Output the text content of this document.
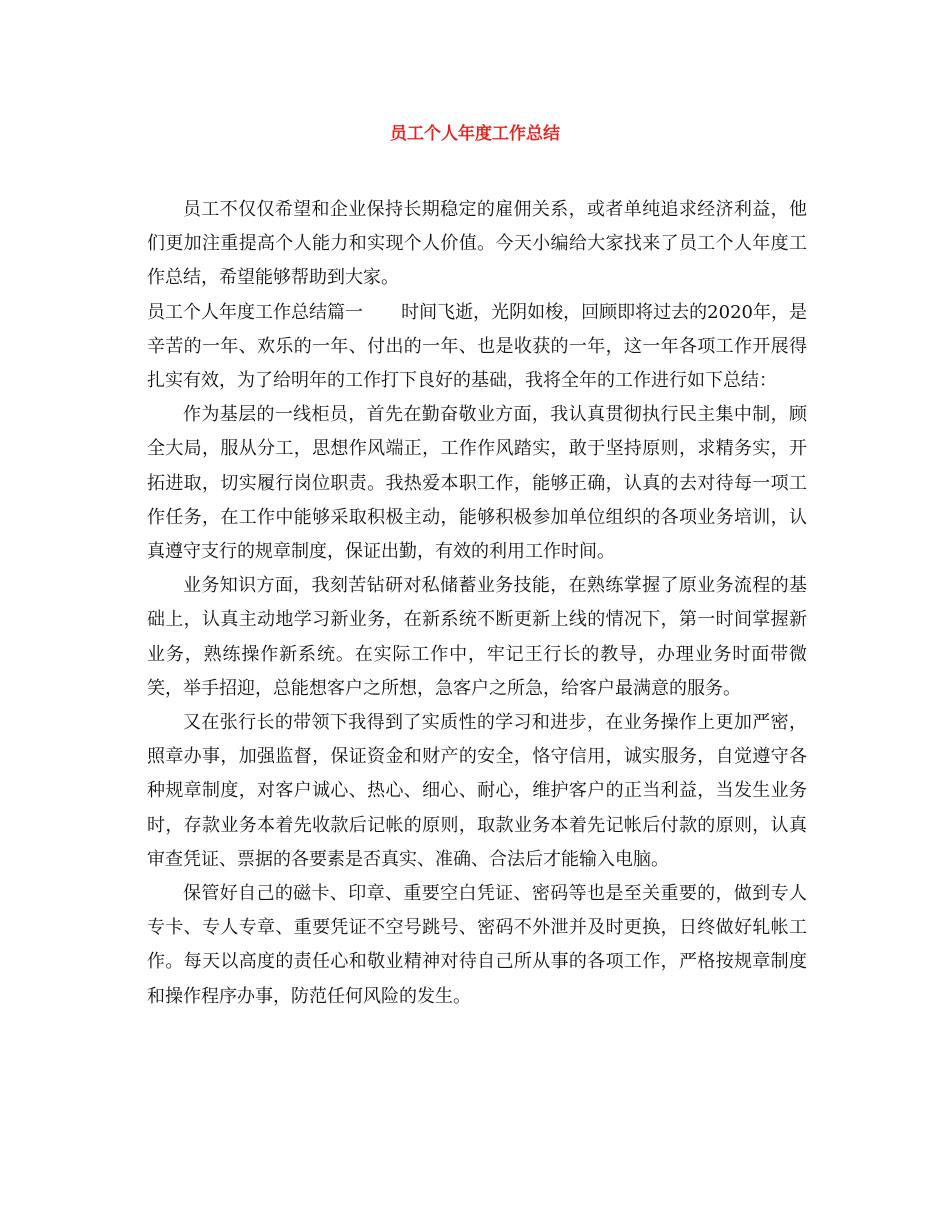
员工个人年度工作总结

员工不仅仅希望和企业保持长期稳定的雇佣关系，或者单纯追求经济利益，他们更加注重提高个人能力和实现个人价值。今天小编给大家找来了员工个人年度工作总结，希望能够帮助到大家。

员工个人年度工作总结篇一 时间飞逝，光阴如梭，回顾即将过去的2020年，是辛苦的一年、欢乐的一年、付出的一年、也是收获的一年，这一年各项工作开展得扎实有效，为了给明年的工作打下良好的基础，我将全年的工作进行如下总结：

作为基层的一线柜员，首先在勤奋敬业方面，我认真贯彻执行民主集中制，顾全大局，服从分工，思想作风端正，工作作风踏实，敢于坚持原则，求精务实，开拓进取，切实履行岗位职责。我热爱本职工作，能够正确，认真的去对待每一项工作任务，在工作中能够采取积极主动，能够积极参加单位组织的各项业务培训，认真遵守支行的规章制度，保证出勤，有效的利用工作时间。

业务知识方面，我刻苦钻研对私储蓄业务技能，在熟练掌握了原业务流程的基础上，认真主动地学习新业务，在新系统不断更新上线的情况下，第一时间掌握新业务，熟练操作新系统。在实际工作中，牢记王行长的教导，办理业务时面带微笑，举手招迎，总能想客户之所想，急客户之所急，给客户最满意的服务。

又在张行长的带领下我得到了实质性的学习和进步，在业务操作上更加严密，照章办事，加强监督，保证资金和财产的安全，恪守信用，诚实服务，自觉遵守各种规章制度，对客户诚心、热心、细心、耐心，维护客户的正当利益，当发生业务时，存款业务本着先收款后记帐的原则，取款业务本着先记帐后付款的原则，认真审查凭证、票据的各要素是否真实、准确、合法后才能输入电脑。

保管好自己的磁卡、印章、重要空白凭证、密码等也是至关重要的，做到专人专卡、专人专章、重要凭证不空号跳号、密码不外泄并及时更换，日终做好轧帐工作。每天以高度的责任心和敬业精神对待自己所从事的各项工作，严格按规章制度和操作程序办事，防范任何风险的发生。
